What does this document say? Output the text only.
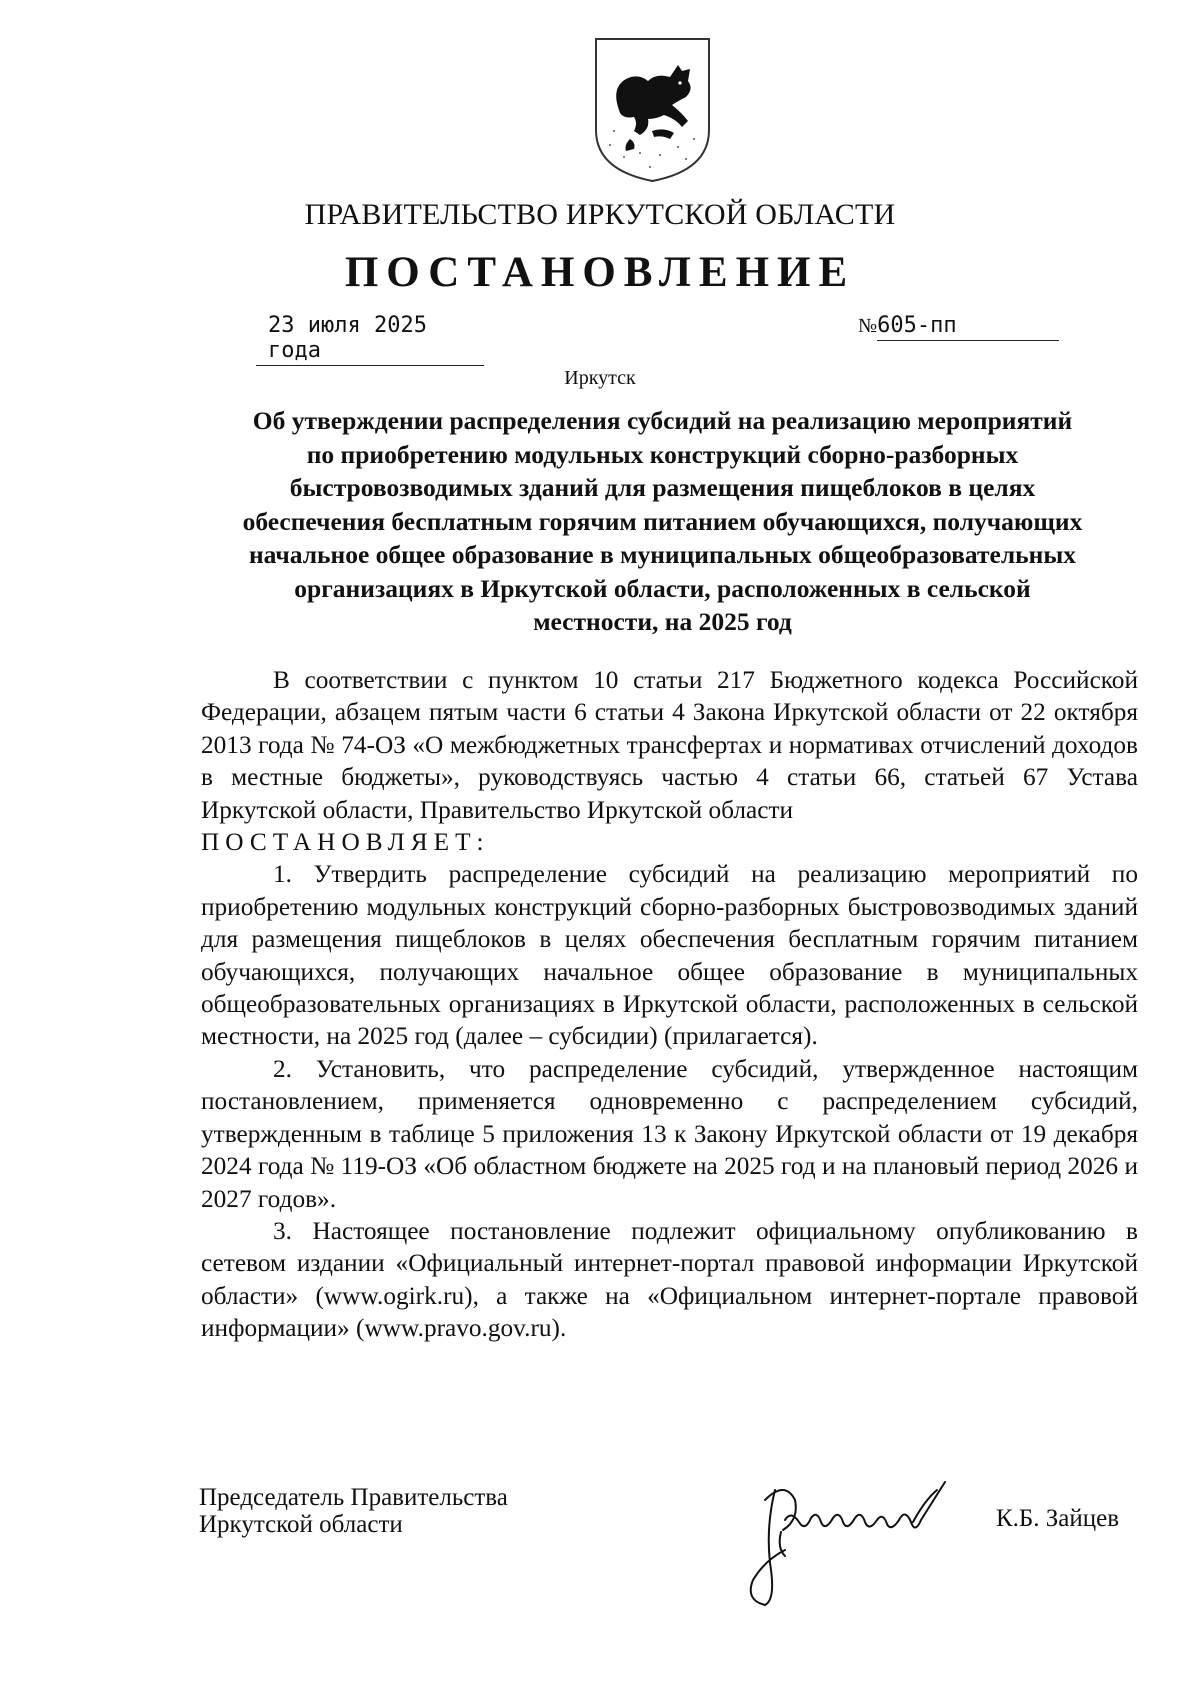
ПРАВИТЕЛЬСТВО ИРКУТСКОЙ ОБЛАСТИ
ПОСТАНОВЛЕНИЕ
23 июля 2025 года
№605-пп
Иркутск
Об утверждении распределения субсидий на реализацию мероприятий
по приобретению модульных конструкций сборно-разборных
быстровозводимых зданий для размещения пищеблоков в целях
обеспечения бесплатным горячим питанием обучающихся, получающих
начальное общее образование в муниципальных общеобразовательных
организациях в Иркутской области, расположенных в сельской
местности, на 2025 год

В соответствии с пунктом 10 статьи 217 Бюджетного кодекса Российской Федерации, абзацем пятым части 6 статьи 4 Закона Иркутской области от 22 октября 2013 года № 74-ОЗ «О межбюджетных трансфертах и нормативах отчислений доходов в местные бюджеты», руководствуясь частью 4 статьи 66, статьей 67 Устава Иркутской области, Правительство Иркутской области

ПОСТАНОВЛЯЕТ:

1. Утвердить распределение субсидий на реализацию мероприятий по приобретению модульных конструкций сборно-разборных быстровозводимых зданий для размещения пищеблоков в целях обеспечения бесплатным горячим питанием обучающихся, получающих начальное общее образование в муниципальных общеобразовательных организациях в Иркутской области, расположенных в сельской местности, на 2025 год (далее – субсидии) (прилагается).

2. Установить, что распределение субсидий, утвержденное настоящим постановлением, применяется одновременно с распределением субсидий, утвержденным в таблице 5 приложения 13 к Закону Иркутской области от 19 декабря 2024 года № 119-ОЗ «Об областном бюджете на 2025 год и на плановый период 2026 и 2027 годов».

3. Настоящее постановление подлежит официальному опубликованию в сетевом издании «Официальный интернет-портал правовой информации Иркутской области» (www.ogirk.ru), а также на «Официальном интернет-портале правовой информации» (www.pravo.gov.ru).

Председатель Правительства
Иркутской области	К.Б. Зайцев
